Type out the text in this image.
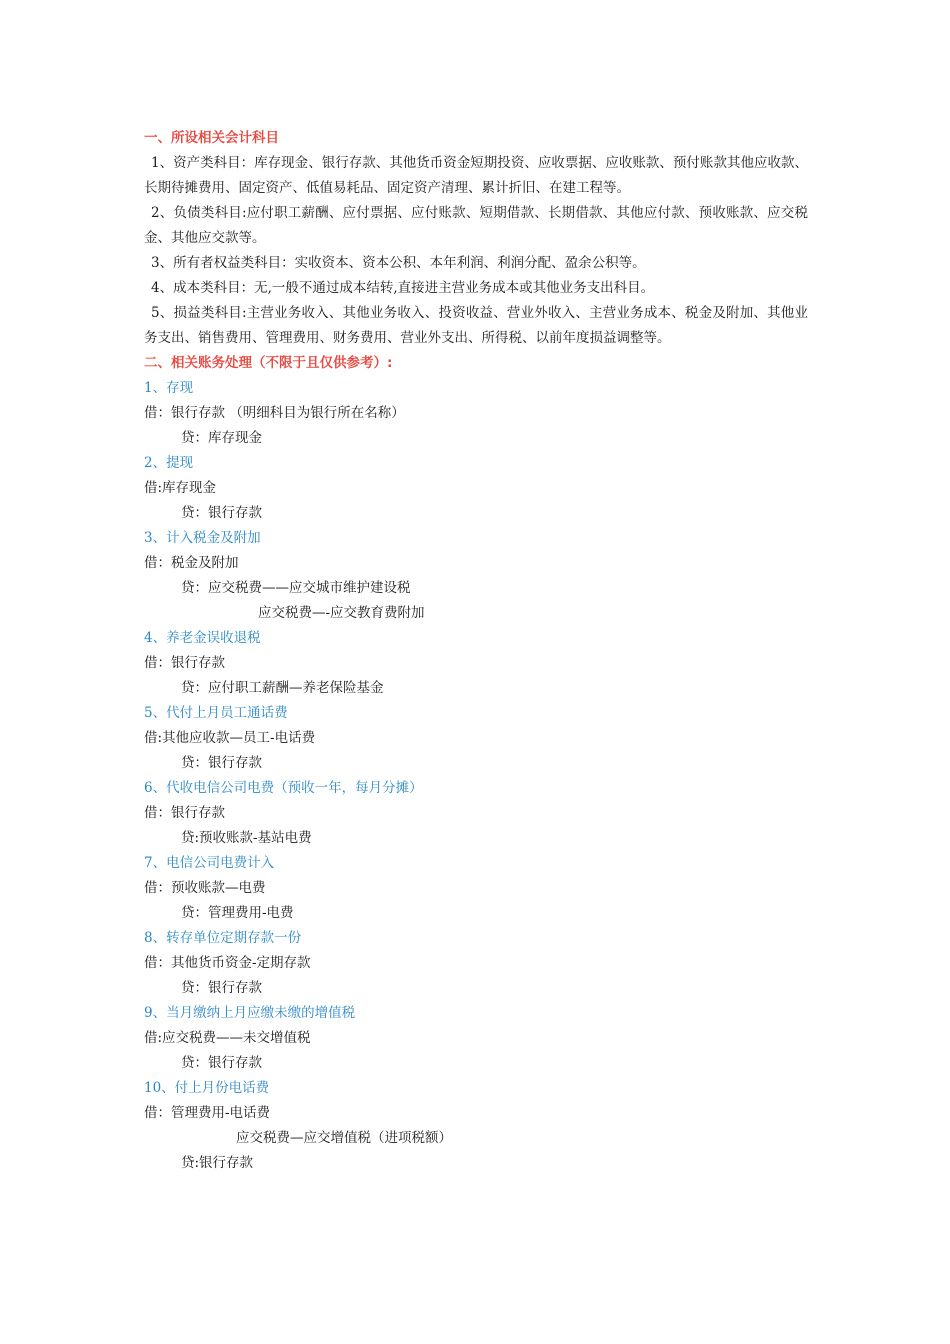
一、所设相关会计科目
1、资产类科目：库存现金、银行存款、其他货币资金短期投资、应收票据、应收账款、预付账款其他应收款、长期待摊费用、固定资产、低值易耗品、固定资产清理、累计折旧、在建工程等。
2、负债类科目:应付职工薪酬、应付票据、应付账款、短期借款、长期借款、其他应付款、预收账款、应交税金、其他应交款等。
3、所有者权益类科目：实收资本、资本公积、本年利润、利润分配、盈余公积等。
4、成本类科目：无,一般不通过成本结转,直接进主营业务成本或其他业务支出科目。
5、损益类科目:主营业务收入、其他业务收入、投资收益、营业外收入、主营业务成本、税金及附加、其他业务支出、销售费用、管理费用、财务费用、营业外支出、所得税、以前年度损益调整等。
二、相关账务处理（不限于且仅供参考）:
1、存现
借：银行存款 （明细科目为银行所在名称）
贷：库存现金
2、提现
借:库存现金
贷：银行存款
3、计入税金及附加
借：税金及附加
贷：应交税费——应交城市维护建设税
应交税费—-应交教育费附加
4、养老金误收退税
借：银行存款
贷：应付职工薪酬—养老保险基金
5、代付上月员工通话费
借:其他应收款—员工-电话费
贷：银行存款
6、代收电信公司电费（预收一年，每月分摊）
借：银行存款
贷:预收账款-基站电费
7、电信公司电费计入
借：预收账款—电费
贷：管理费用-电费
8、转存单位定期存款一份
借：其他货币资金-定期存款
贷：银行存款
9、当月缴纳上月应缴未缴的增值税
借:应交税费——未交增值税
贷：银行存款
10、付上月份电话费
借：管理费用-电话费
应交税费—应交增值税（进项税额）
贷:银行存款
